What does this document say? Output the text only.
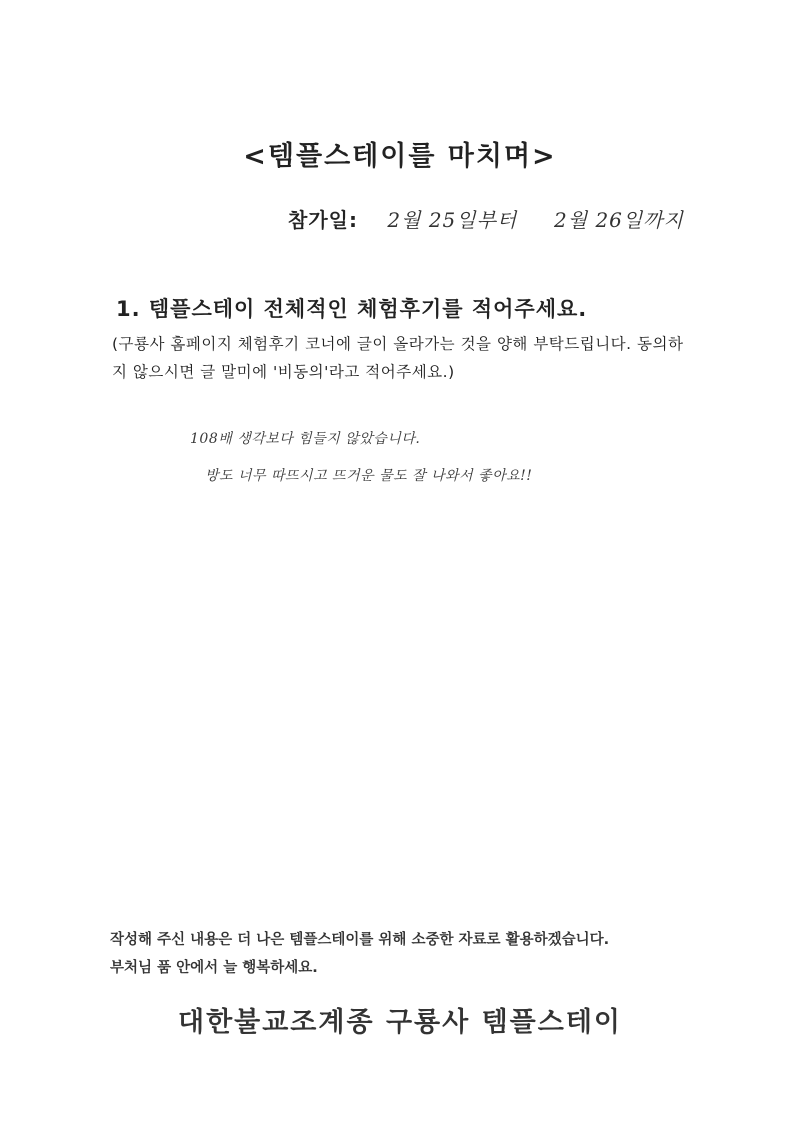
<템플스테이를 마치며>
참가일: 2월 25일부터 2월 26일까지
1. 템플스테이 전체적인 체험후기를 적어주세요.
(구룡사 홈페이지 체험후기 코너에 글이 올라가는 것을 양해 부탁드립니다. 동의하지 않으시면 글 말미에 '비동의'라고 적어주세요.)
108배 생각보다 힘들지 않았습니다.
방도 너무 따뜨시고 뜨거운 물도 잘 나와서 좋아요!!
작성해 주신 내용은 더 나은 템플스테이를 위해 소중한 자료로 활용하겠습니다.
부처님 품 안에서 늘 행복하세요.
대한불교조계종 구룡사 템플스테이
